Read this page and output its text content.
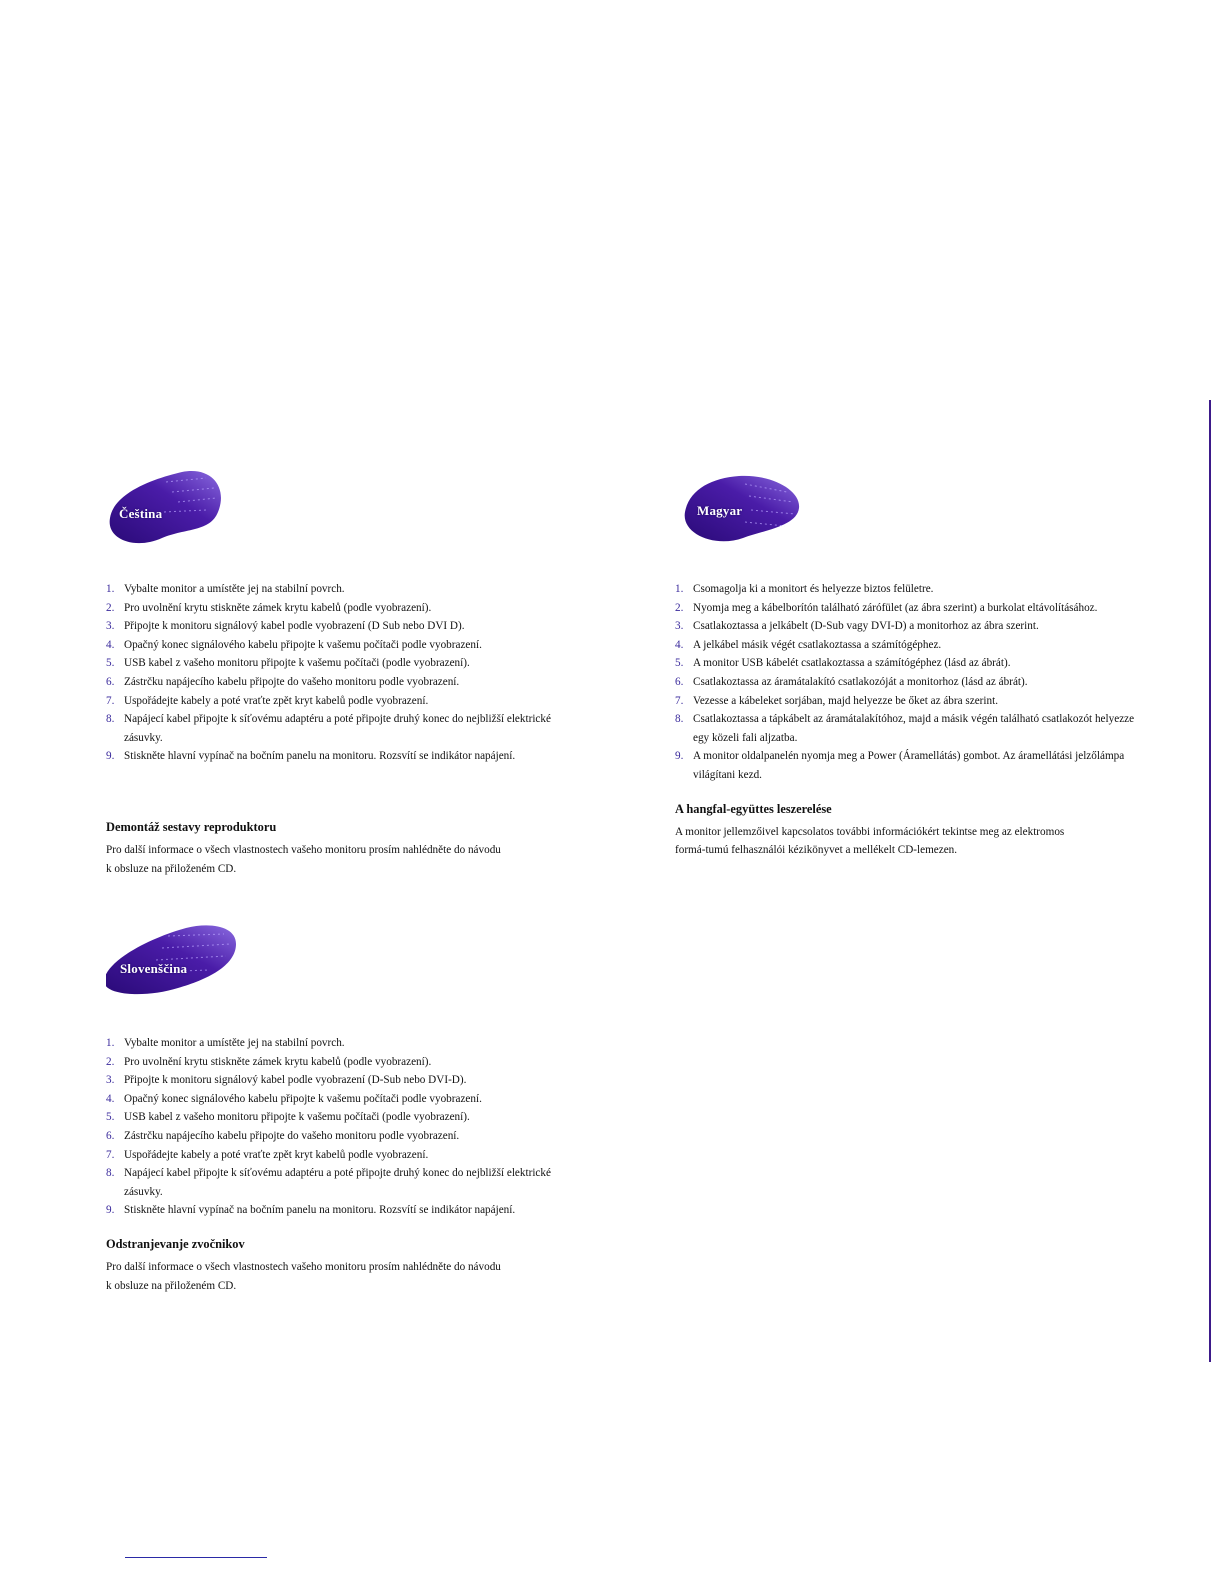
Čeština
1. Vybalte monitor a umístěte jej na stabilní povrch.
2. Pro uvolnění krytu stiskněte zámek krytu kabelů (podle vyobrazení).
3. Připojte k monitoru signálový kabel podle vyobrazení (D Sub nebo DVI D).
4. Opačný konec signálového kabelu připojte k vašemu počítači podle vyobrazení.
5. USB kabel z vašeho monitoru připojte k vašemu počítači (podle vyobrazení).
6. Zástrčku napájecího kabelu připojte do vašeho monitoru podle vyobrazení.
7. Uspořádejte kabely a poté vraťte zpět kryt kabelů podle vyobrazení.
8. Napájecí kabel připojte k síťovému adaptéru a poté připojte druhý konec do nejbližší elektrické zásuvky.
9. Stiskněte hlavní vypínač na bočním panelu na monitoru. Rozsvítí se indikátor napájení.

Demontáž sestavy reproduktoru

Pro další informace o všech vlastnostech vašeho monitoru prosím nahlédněte do návodu

k obsluze na přiloženém CD.

Magyar
1. Csomagolja ki a monitort és helyezze biztos felületre.
2. Nyomja meg a kábelborítón található zárófület (az ábra szerint) a burkolat eltávolításához.
3. Csatlakoztassa a jelkábelt (D-Sub vagy DVI-D) a monitorhoz az ábra szerint.
4. A jelkábel másik végét csatlakoztassa a számítógéphez.
5. A monitor USB kábelét csatlakoztassa a számítógéphez (lásd az ábrát).
6. Csatlakoztassa az áramátalakító csatlakozóját a monitorhoz (lásd az ábrát).
7. Vezesse a kábeleket sorjában, majd helyezze be őket az ábra szerint.
8. Csatlakoztassa a tápkábelt az áramátalakítóhoz, majd a másik végén található csatlakozót helyezze egy közeli fali aljzatba.
9. A monitor oldalpanelén nyomja meg a Power (Áramellátás) gombot. Az áramellátási jelzőlámpa világítani kezd.

A hangfal-együttes leszerelése

A monitor jellemzőivel kapcsolatos további információkért tekintse meg az elektromos

formá-tumú felhasználói kézikönyvet a mellékelt CD-lemezen.

Slovenščina
1. Vybalte monitor a umístěte jej na stabilní povrch.
2. Pro uvolnění krytu stiskněte zámek krytu kabelů (podle vyobrazení).
3. Připojte k monitoru signálový kabel podle vyobrazení (D-Sub nebo DVI-D).
4. Opačný konec signálového kabelu připojte k vašemu počítači podle vyobrazení.
5. USB kabel z vašeho monitoru připojte k vašemu počítači (podle vyobrazení).
6. Zástrčku napájecího kabelu připojte do vašeho monitoru podle vyobrazení.
7. Uspořádejte kabely a poté vraťte zpět kryt kabelů podle vyobrazení.
8. Napájecí kabel připojte k síťovému adaptéru a poté připojte druhý konec do nejbližší elektrické zásuvky.
9. Stiskněte hlavní vypínač na bočním panelu na monitoru. Rozsvítí se indikátor napájení.

Odstranjevanje zvočnikov

Pro další informace o všech vlastnostech vašeho monitoru prosím nahlédněte do návodu

k obsluze na přiloženém CD.
